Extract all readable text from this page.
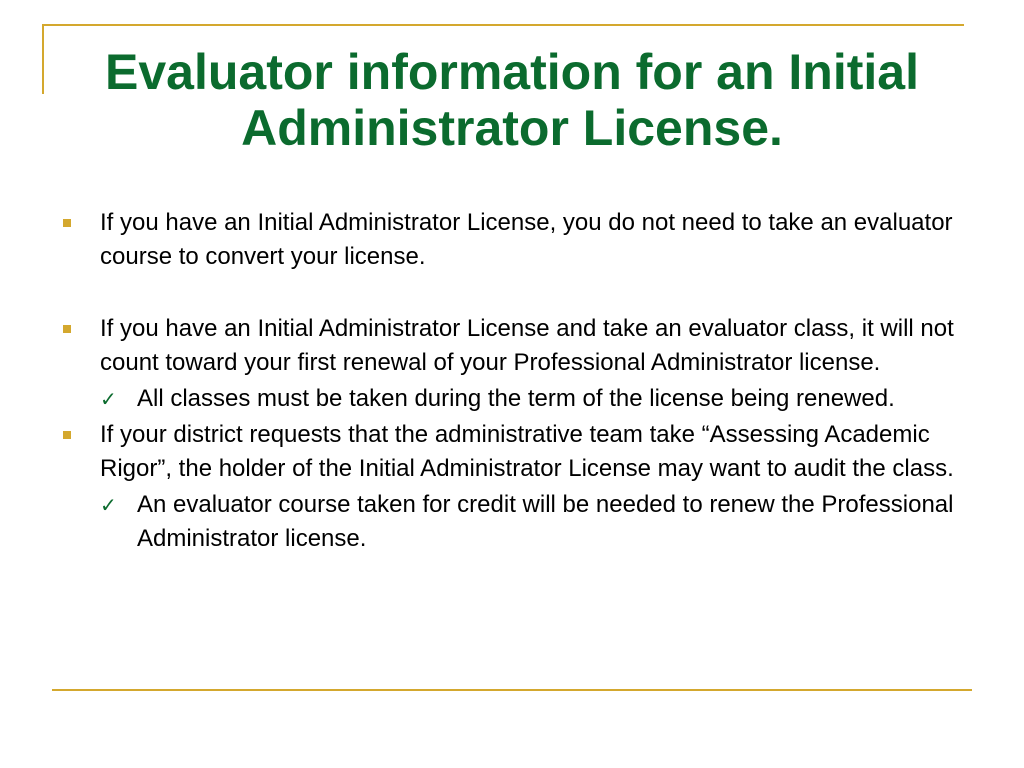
Evaluator information for an Initial Administrator License.
If you have an Initial Administrator License, you do not need to take an evaluator course to convert your license.
If you have an Initial Administrator License and take an evaluator class, it will not count toward your first renewal of your Professional Administrator license.
✓ All classes must be taken during the term of the license being renewed.
If your district requests that the administrative team take “Assessing Academic Rigor”, the holder of the Initial Administrator License may want to audit the class.
✓ An evaluator course taken for credit will be needed to renew the Professional Administrator license.
